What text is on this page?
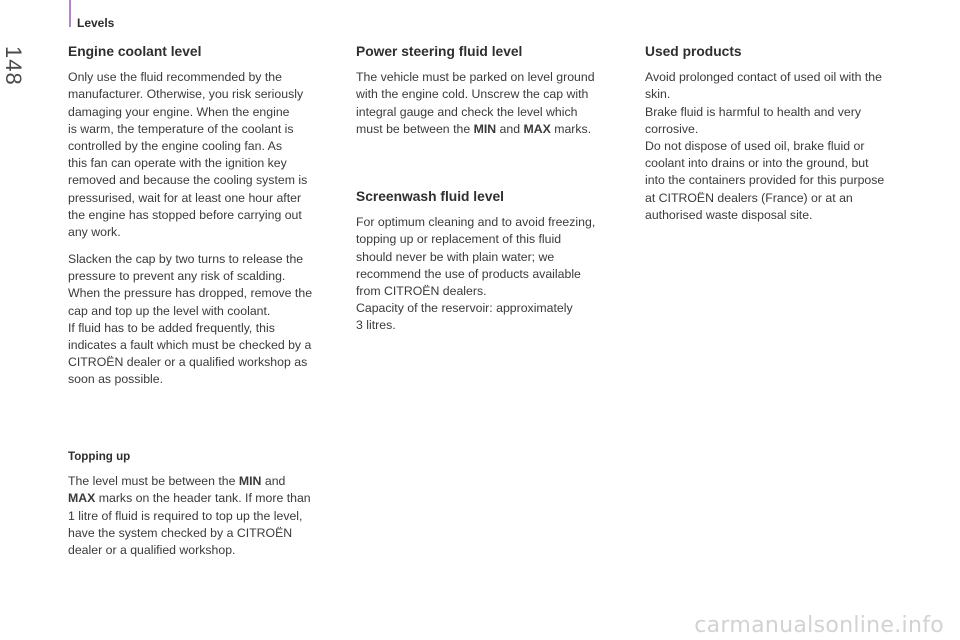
Levels
148	Engine coolant level

Only use the fluid recommended by the
manufacturer. Otherwise, you risk seriously
damaging your engine. When the engine
is warm, the temperature of the coolant is
controlled by the engine cooling fan. As
this fan can operate with the ignition key
removed and because the cooling system is
pressurised, wait for at least one hour after
the engine has stopped before carrying out
any work.

Slacken the cap by two turns to release the
pressure to prevent any risk of scalding.
When the pressure has dropped, remove the
cap and top up the level with coolant.
If fluid has to be added frequently, this
indicates a fault which must be checked by a
CITROËN dealer or a qualified workshop as
soon as possible.

Topping up

The level must be between the MIN and
MAX marks on the header tank. If more than
1 litre of fluid is required to top up the level,
have the system checked by a CITROËN
dealer or a qualified workshop.

Power steering fluid level

The vehicle must be parked on level ground
with the engine cold. Unscrew the cap with
integral gauge and check the level which
must be between the MIN and MAX marks.

Screenwash fluid level

For optimum cleaning and to avoid freezing,
topping up or replacement of this fluid
should never be with plain water; we
recommend the use of products available
from CITROËN dealers.
Capacity of the reservoir: approximately
3 litres.

Used products

Avoid prolonged contact of used oil with the
skin.
Brake fluid is harmful to health and very
corrosive.
Do not dispose of used oil, brake fluid or
coolant into drains or into the ground, but
into the containers provided for this purpose
at CITROËN dealers (France) or at an
authorised waste disposal site.

carmanualsonline.info
